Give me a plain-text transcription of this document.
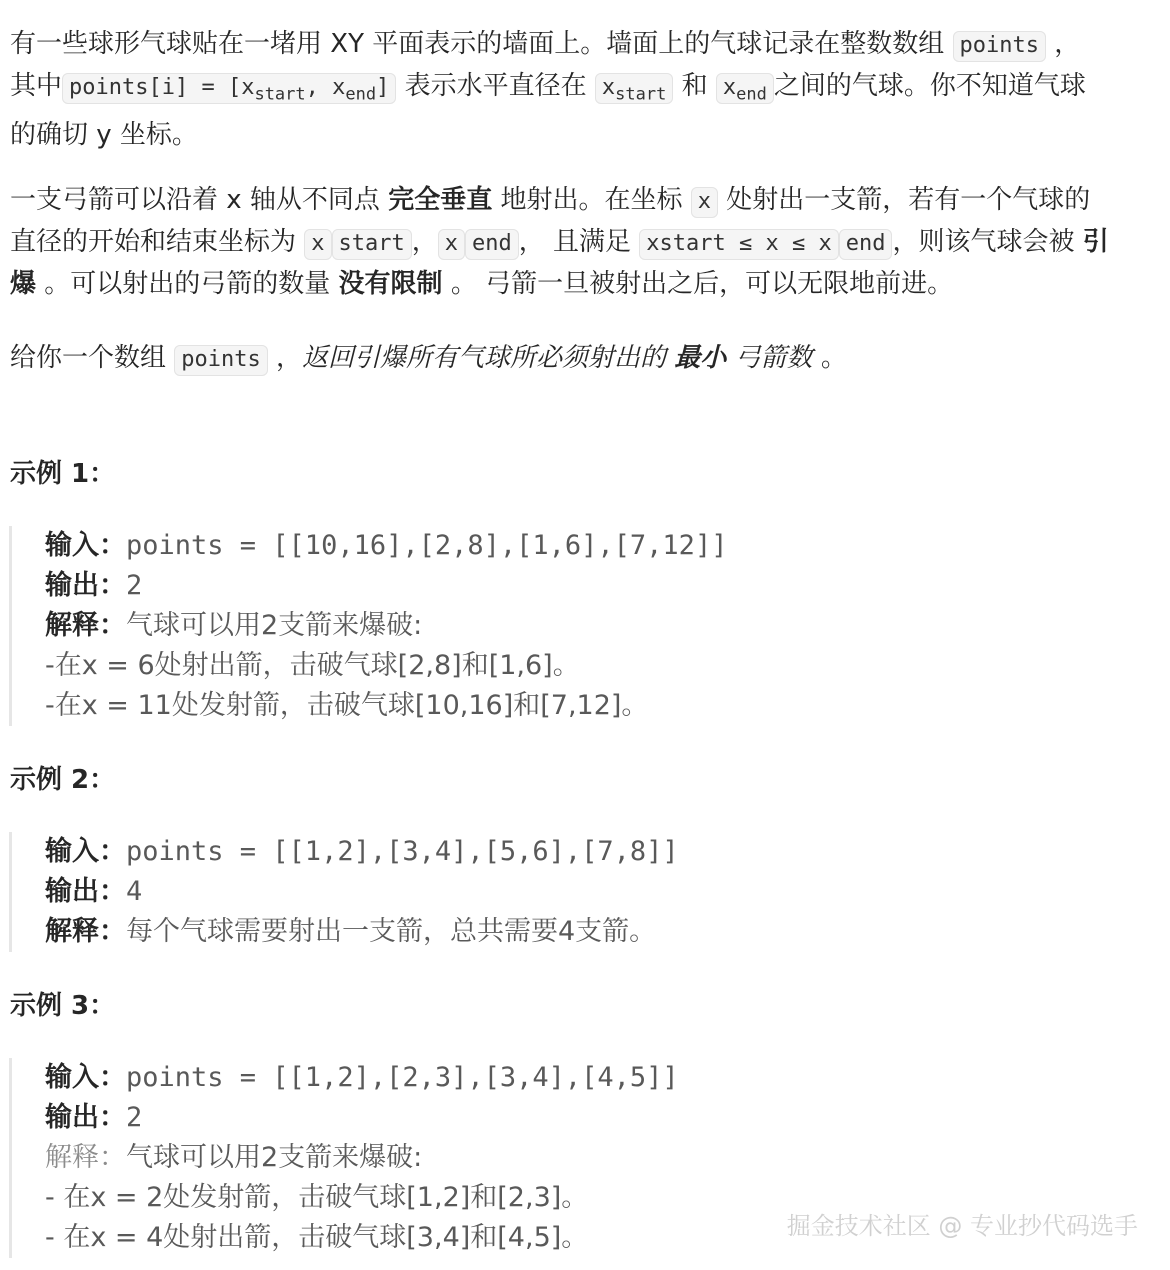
有一些球形气球贴在一堵用 XY 平面表示的墙面上。墙面上的气球记录在整数数组 points ，
其中 points[i] = [$x_{start}$, $x_{end}$] 表示水平直径在 $x_{start}$ 和 $x_{end}$ 之间的气球。你不知道气球
的确切 y 坐标。
一支弓箭可以沿着 x 轴从不同点 完全垂直 地射出。在坐标 x 处射出一支箭，若有一个气球的
直径的开始和结束坐标为 x start ， x end ， 且满足 xstart ≤ x ≤ x end ，则该气球会被 引
爆 。可以射出的弓箭的数量 没有限制 。 弓箭一旦被射出之后，可以无限地前进。
给你一个数组 points ，返回引爆所有气球所必须射出的 最小 弓箭数 。
示例 1：
输入：points = [[10,16],[2,8],[1,6],[7,12]]
输出：2
解释：气球可以用2支箭来爆破:
-在x = 6处射出箭，击破气球[2,8]和[1,6]。
-在x = 11处发射箭，击破气球[10,16]和[7,12]。
示例 2：
输入：points = [[1,2],[3,4],[5,6],[7,8]]
输出：4
解释：每个气球需要射出一支箭，总共需要4支箭。
示例 3：
输入：points = [[1,2],[2,3],[3,4],[4,5]]
输出：2
解释：气球可以用2支箭来爆破:
- 在x = 2处发射箭，击破气球[1,2]和[2,3]。
- 在x = 4处射出箭，击破气球[3,4]和[4,5]。	掘金技术社区 @ 专业抄代码选手
